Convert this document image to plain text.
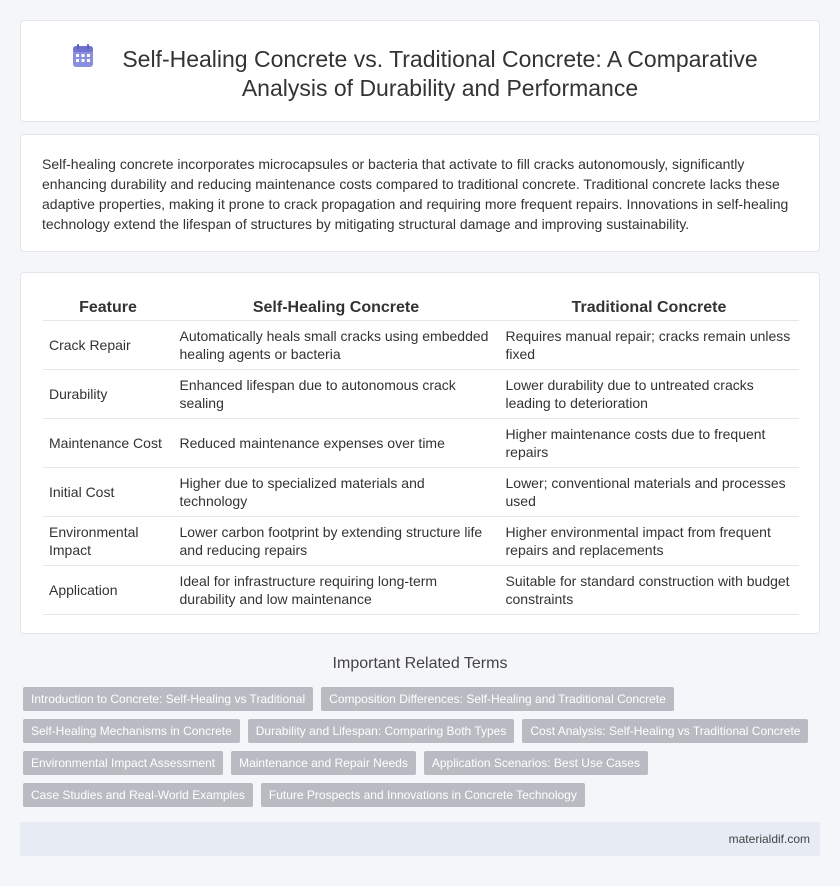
Self-Healing Concrete vs. Traditional Concrete: A Comparative Analysis of Durability and Performance

Self-healing concrete incorporates microcapsules or bacteria that activate to fill cracks autonomously, significantly enhancing durability and reducing maintenance costs compared to traditional concrete. Traditional concrete lacks these adaptive properties, making it prone to crack propagation and requiring more frequent repairs. Innovations in self-healing technology extend the lifespan of structures by mitigating structural damage and improving sustainability.

Feature	Self-Healing Concrete	Traditional Concrete
Crack Repair	Automatically heals small cracks using embedded healing agents or bacteria	Requires manual repair; cracks remain unless fixed
Durability	Enhanced lifespan due to autonomous crack sealing	Lower durability due to untreated cracks leading to deterioration
Maintenance Cost	Reduced maintenance expenses over time	Higher maintenance costs due to frequent repairs
Initial Cost	Higher due to specialized materials and technology	Lower; conventional materials and processes used
Environmental Impact	Lower carbon footprint by extending structure life and reducing repairs	Higher environmental impact from frequent repairs and replacements
Application	Ideal for infrastructure requiring long-term durability and low maintenance	Suitable for standard construction with budget constraints
Important Related Terms
Introduction to Concrete: Self-Healing vs Traditional	Composition Differences: Self-Healing and Traditional Concrete
Self-Healing Mechanisms in Concrete	Durability and Lifespan: Comparing Both Types	Cost Analysis: Self-Healing vs Traditional Concrete
Environmental Impact Assessment	Maintenance and Repair Needs	Application Scenarios: Best Use Cases
Case Studies and Real-World Examples	Future Prospects and Innovations in Concrete Technology
materialdif.com
